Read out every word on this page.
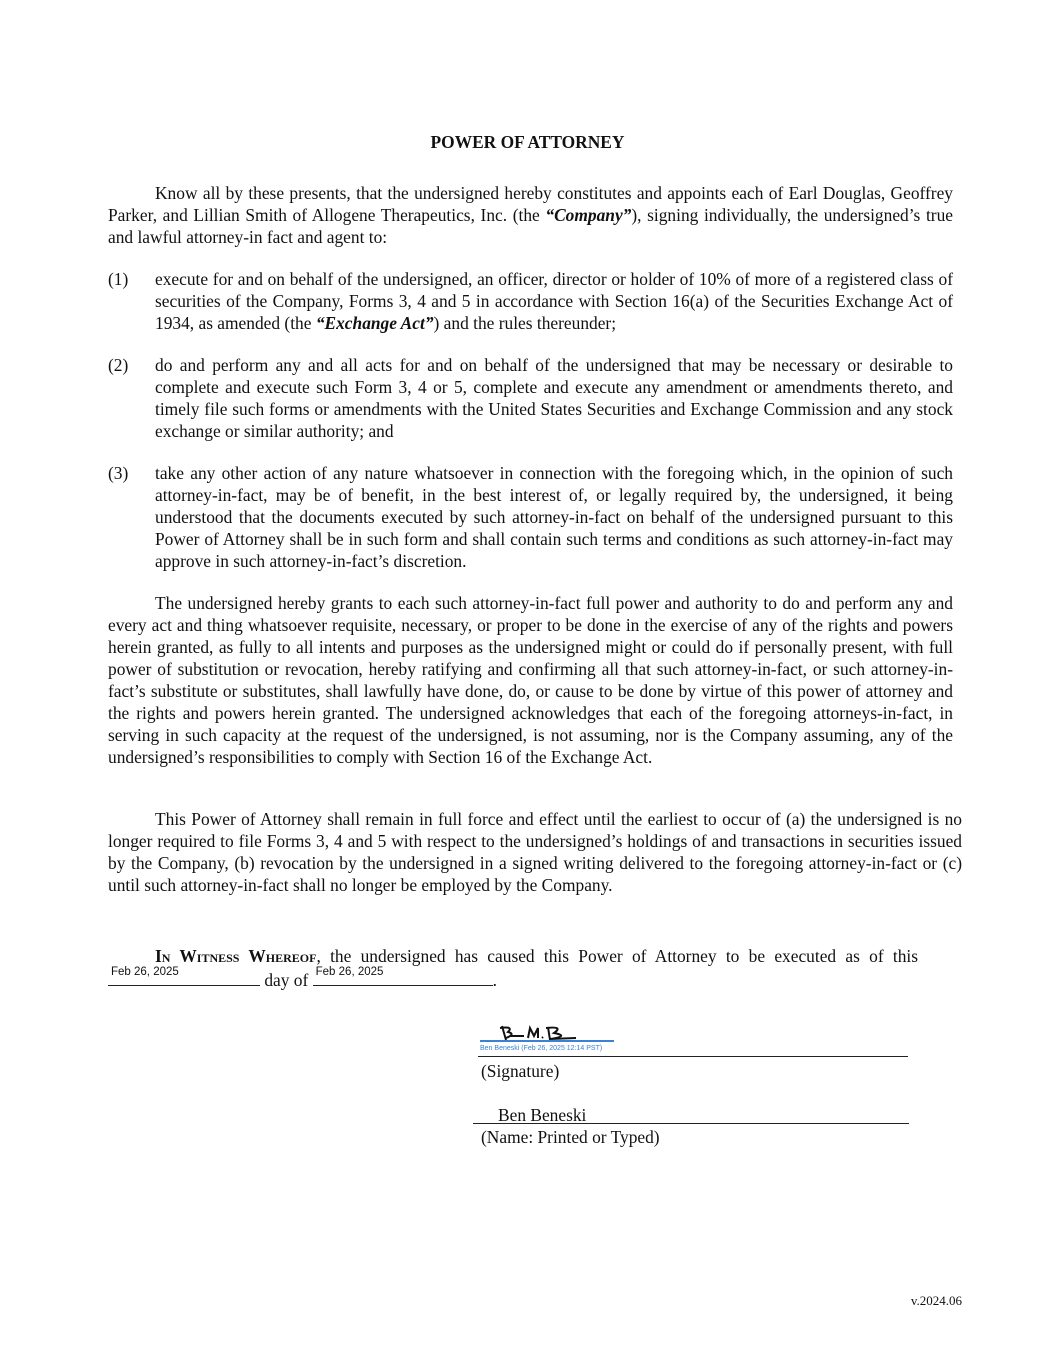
POWER OF ATTORNEY
Know all by these presents, that the undersigned hereby constitutes and appoints each of Earl Douglas, Geoffrey Parker, and Lillian Smith of Allogene Therapeutics, Inc. (the “Company”), signing individually, the undersigned’s true and lawful attorney-in fact and agent to:
(1) execute for and on behalf of the undersigned, an officer, director or holder of 10% of more of a registered class of securities of the Company, Forms 3, 4 and 5 in accordance with Section 16(a) of the Securities Exchange Act of 1934, as amended (the “Exchange Act”) and the rules thereunder;
(2) do and perform any and all acts for and on behalf of the undersigned that may be necessary or desirable to complete and execute such Form 3, 4 or 5, complete and execute any amendment or amendments thereto, and timely file such forms or amendments with the United States Securities and Exchange Commission and any stock exchange or similar authority; and
(3) take any other action of any nature whatsoever in connection with the foregoing which, in the opinion of such attorney-in-fact, may be of benefit, in the best interest of, or legally required by, the undersigned, it being understood that the documents executed by such attorney-in-fact on behalf of the undersigned pursuant to this Power of Attorney shall be in such form and shall contain such terms and conditions as such attorney-in-fact may approve in such attorney-in-fact’s discretion.
The undersigned hereby grants to each such attorney-in-fact full power and authority to do and perform any and every act and thing whatsoever requisite, necessary, or proper to be done in the exercise of any of the rights and powers herein granted, as fully to all intents and purposes as the undersigned might or could do if personally present, with full power of substitution or revocation, hereby ratifying and confirming all that such attorney-in-fact, or such attorney-in- fact’s substitute or substitutes, shall lawfully have done, do, or cause to be done by virtue of this power of attorney and the rights and powers herein granted. The undersigned acknowledges that each of the foregoing attorneys-in-fact, in serving in such capacity at the request of the undersigned, is not assuming, nor is the Company assuming, any of the undersigned’s responsibilities to comply with Section 16 of the Exchange Act.
This Power of Attorney shall remain in full force and effect until the earliest to occur of (a) the undersigned is no longer required to file Forms 3, 4 and 5 with respect to the undersigned’s holdings of and transactions in securities issued by the Company, (b) revocation by the undersigned in a signed writing delivered to the foregoing attorney-in-fact or (c) until such attorney-in-fact shall no longer be employed by the Company.
In Witness Whereof, the undersigned has caused this Power of Attorney to be executed as of this
Feb 26, 2025	day of Feb 26, 2025	.
Ben Beneski (Feb 26, 2025 12:14 PST)
(Signature)
Ben Beneski
(Name: Printed or Typed)
v.2024.06
